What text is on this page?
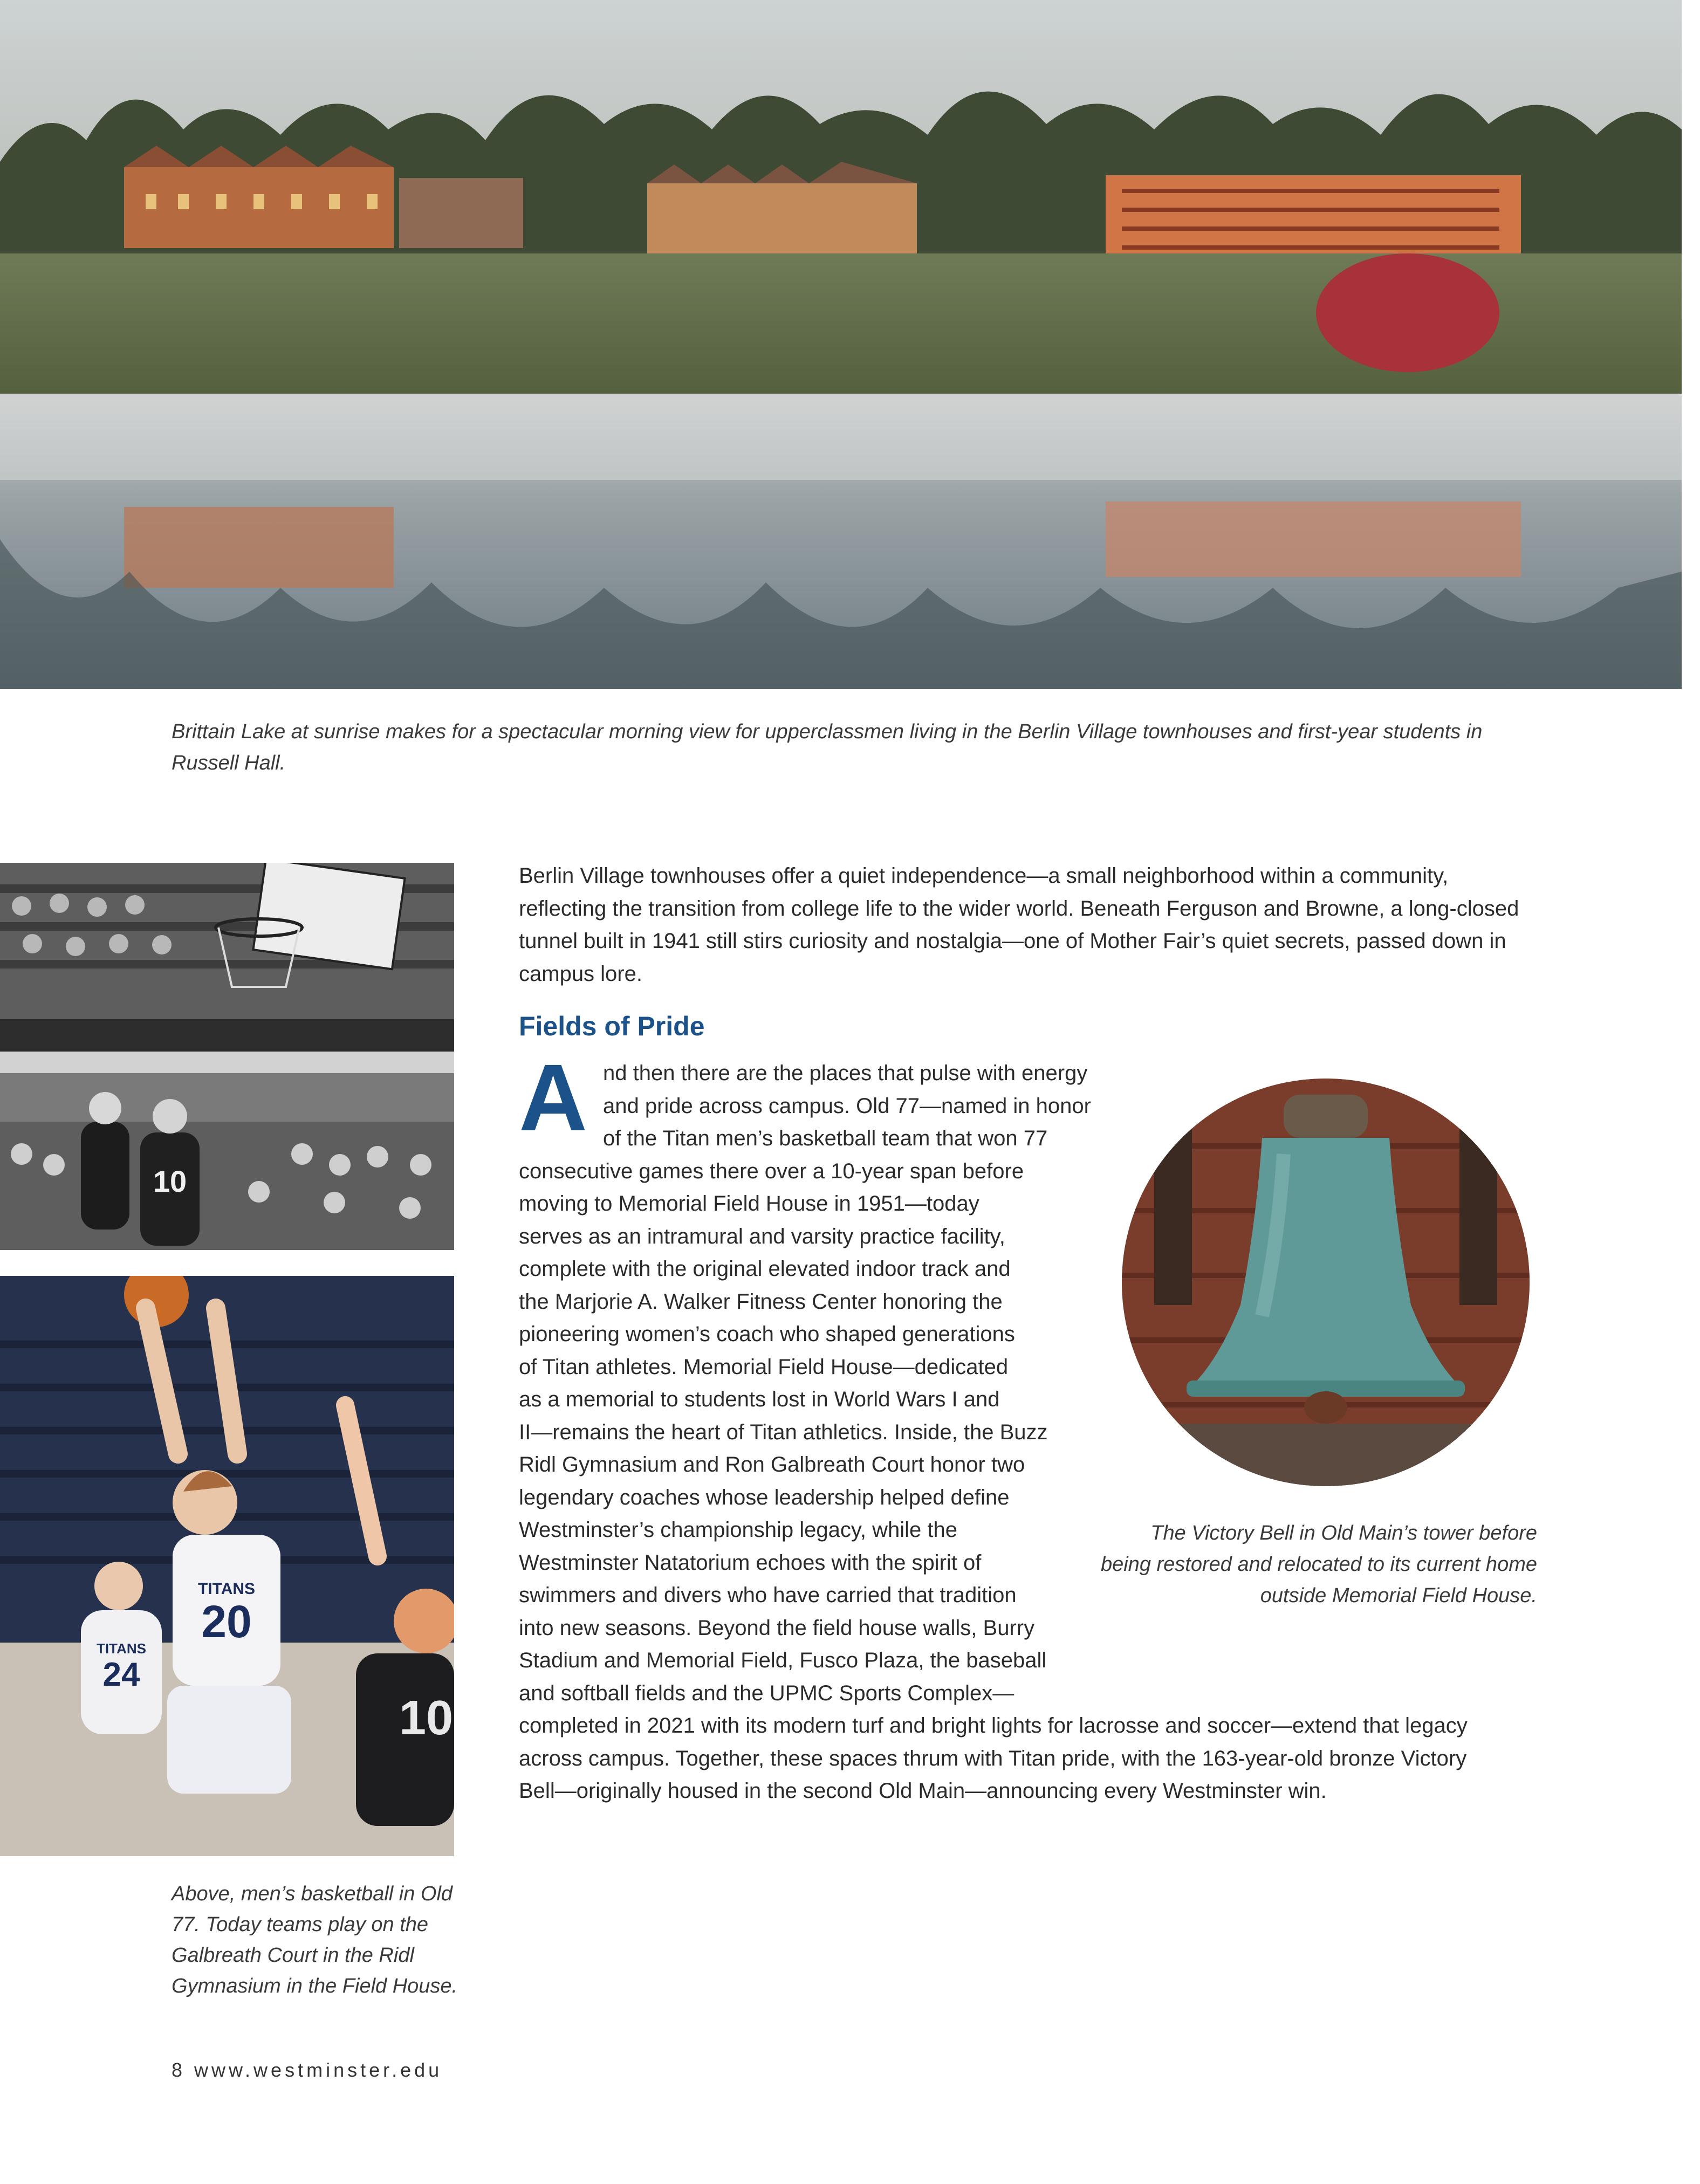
Brittain Lake at sunrise makes for a spectacular morning view for upperclassmen living in the Berlin Village townhouses and first-year students in Russell Hall.
10
TITANS
24
TITANS
20
10
Above, men’s basketball in Old 77. Today teams play on the Galbreath Court in the Ridl Gymnasium in the Field House.
Berlin Village townhouses offer a quiet independence—a small neighborhood within a community, reflecting the transition from college life to the wider world. Beneath Ferguson and Browne, a long-closed tunnel built in 1941 still stirs curiosity and nostalgia—one of Mother Fair’s quiet secrets, passed down in campus lore.
Fields of Pride
A nd then there are the places that pulse with energy
and pride across campus. Old 77—named in honor
of the Titan men’s basketball team that won 77
consecutive games there over a 10-year span before
moving to Memorial Field House in 1951—today
serves as an intramural and varsity practice facility,
complete with the original elevated indoor track and
the Marjorie A. Walker Fitness Center honoring the
pioneering women’s coach who shaped generations
of Titan athletes. Memorial Field House—dedicated
as a memorial to students lost in World Wars I and
II—remains the heart of Titan athletics. Inside, the Buzz
Ridl Gymnasium and Ron Galbreath Court honor two
legendary coaches whose leadership helped define
Westminster’s championship legacy, while the
Westminster Natatorium echoes with the spirit of
swimmers and divers who have carried that tradition
into new seasons. Beyond the field house walls, Burry
Stadium and Memorial Field, Fusco Plaza, the baseball
and softball fields and the UPMC Sports Complex—
completed in 2021 with its modern turf and bright lights for lacrosse and soccer—extend that legacy
across campus. Together, these spaces thrum with Titan pride, with the 163-year-old bronze Victory
Bell—originally housed in the second Old Main—announcing every Westminster win.
The Victory Bell in Old Main’s tower before being restored and relocated to its current home outside Memorial Field House.
8 www.westminster.edu
